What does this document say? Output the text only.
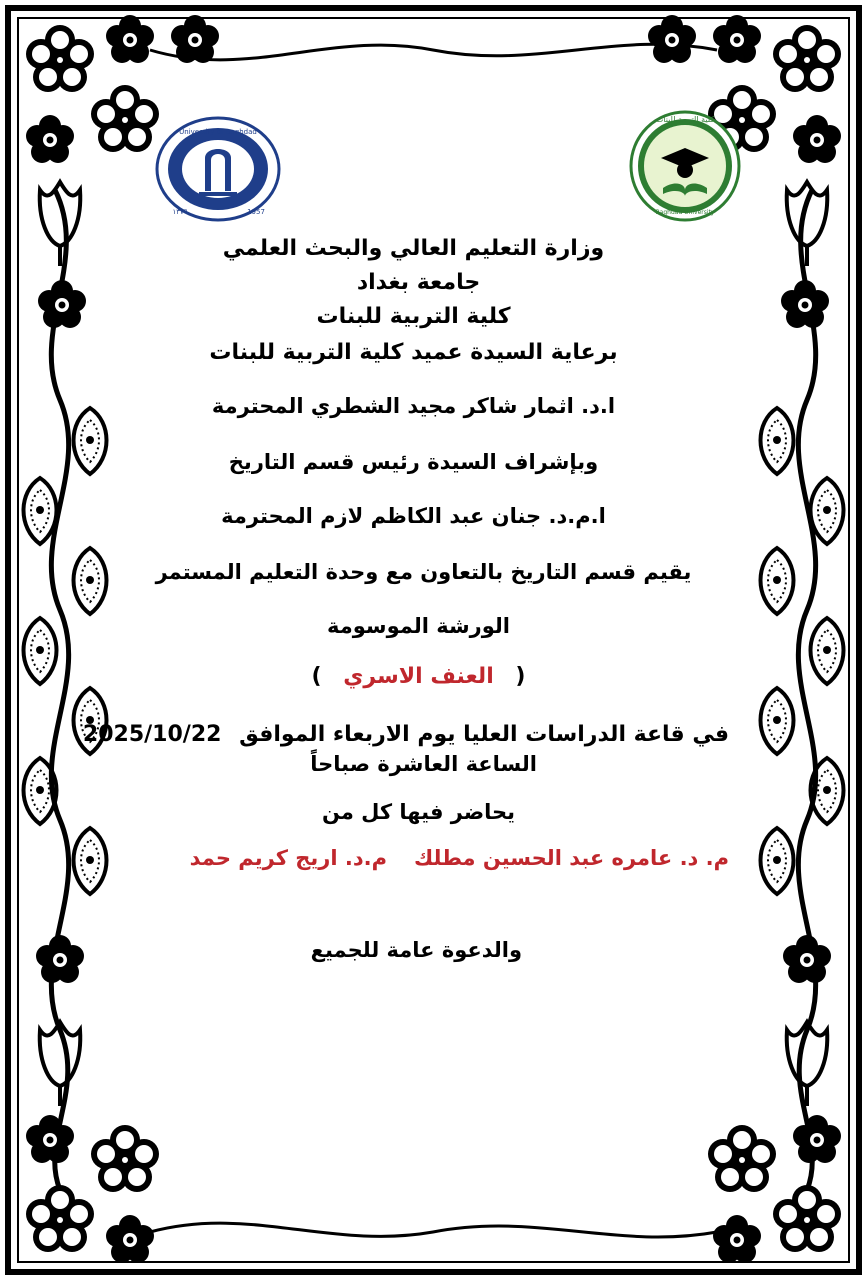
University of Baghdad
١٣٧٦	1957
كلية التربية للبنات
Baghdad University
وزارة التعليم العالي والبحث العلمي
جامعة بغداد
كلية التربية للبنات
برعاية السيدة عميد كلية التربية للبنات
ا.د. اثمار شاكر مجيد الشطري المحترمة
وبإشراف السيدة رئيس قسم التاريخ
ا.م.د. جنان عبد الكاظم لازم المحترمة
يقيم قسم التاريخ بالتعاون مع وحدة التعليم المستمر
الورشة الموسومة
( العنف الاسري )
في قاعة الدراسات العليا يوم الاربعاء الموافق 2025/10/22
الساعة العاشرة صباحاً
يحاضر فيها كل من
م. د. عامره عبد الحسين مطلك
م.د. اريج كريم حمد
والدعوة عامة للجميع
